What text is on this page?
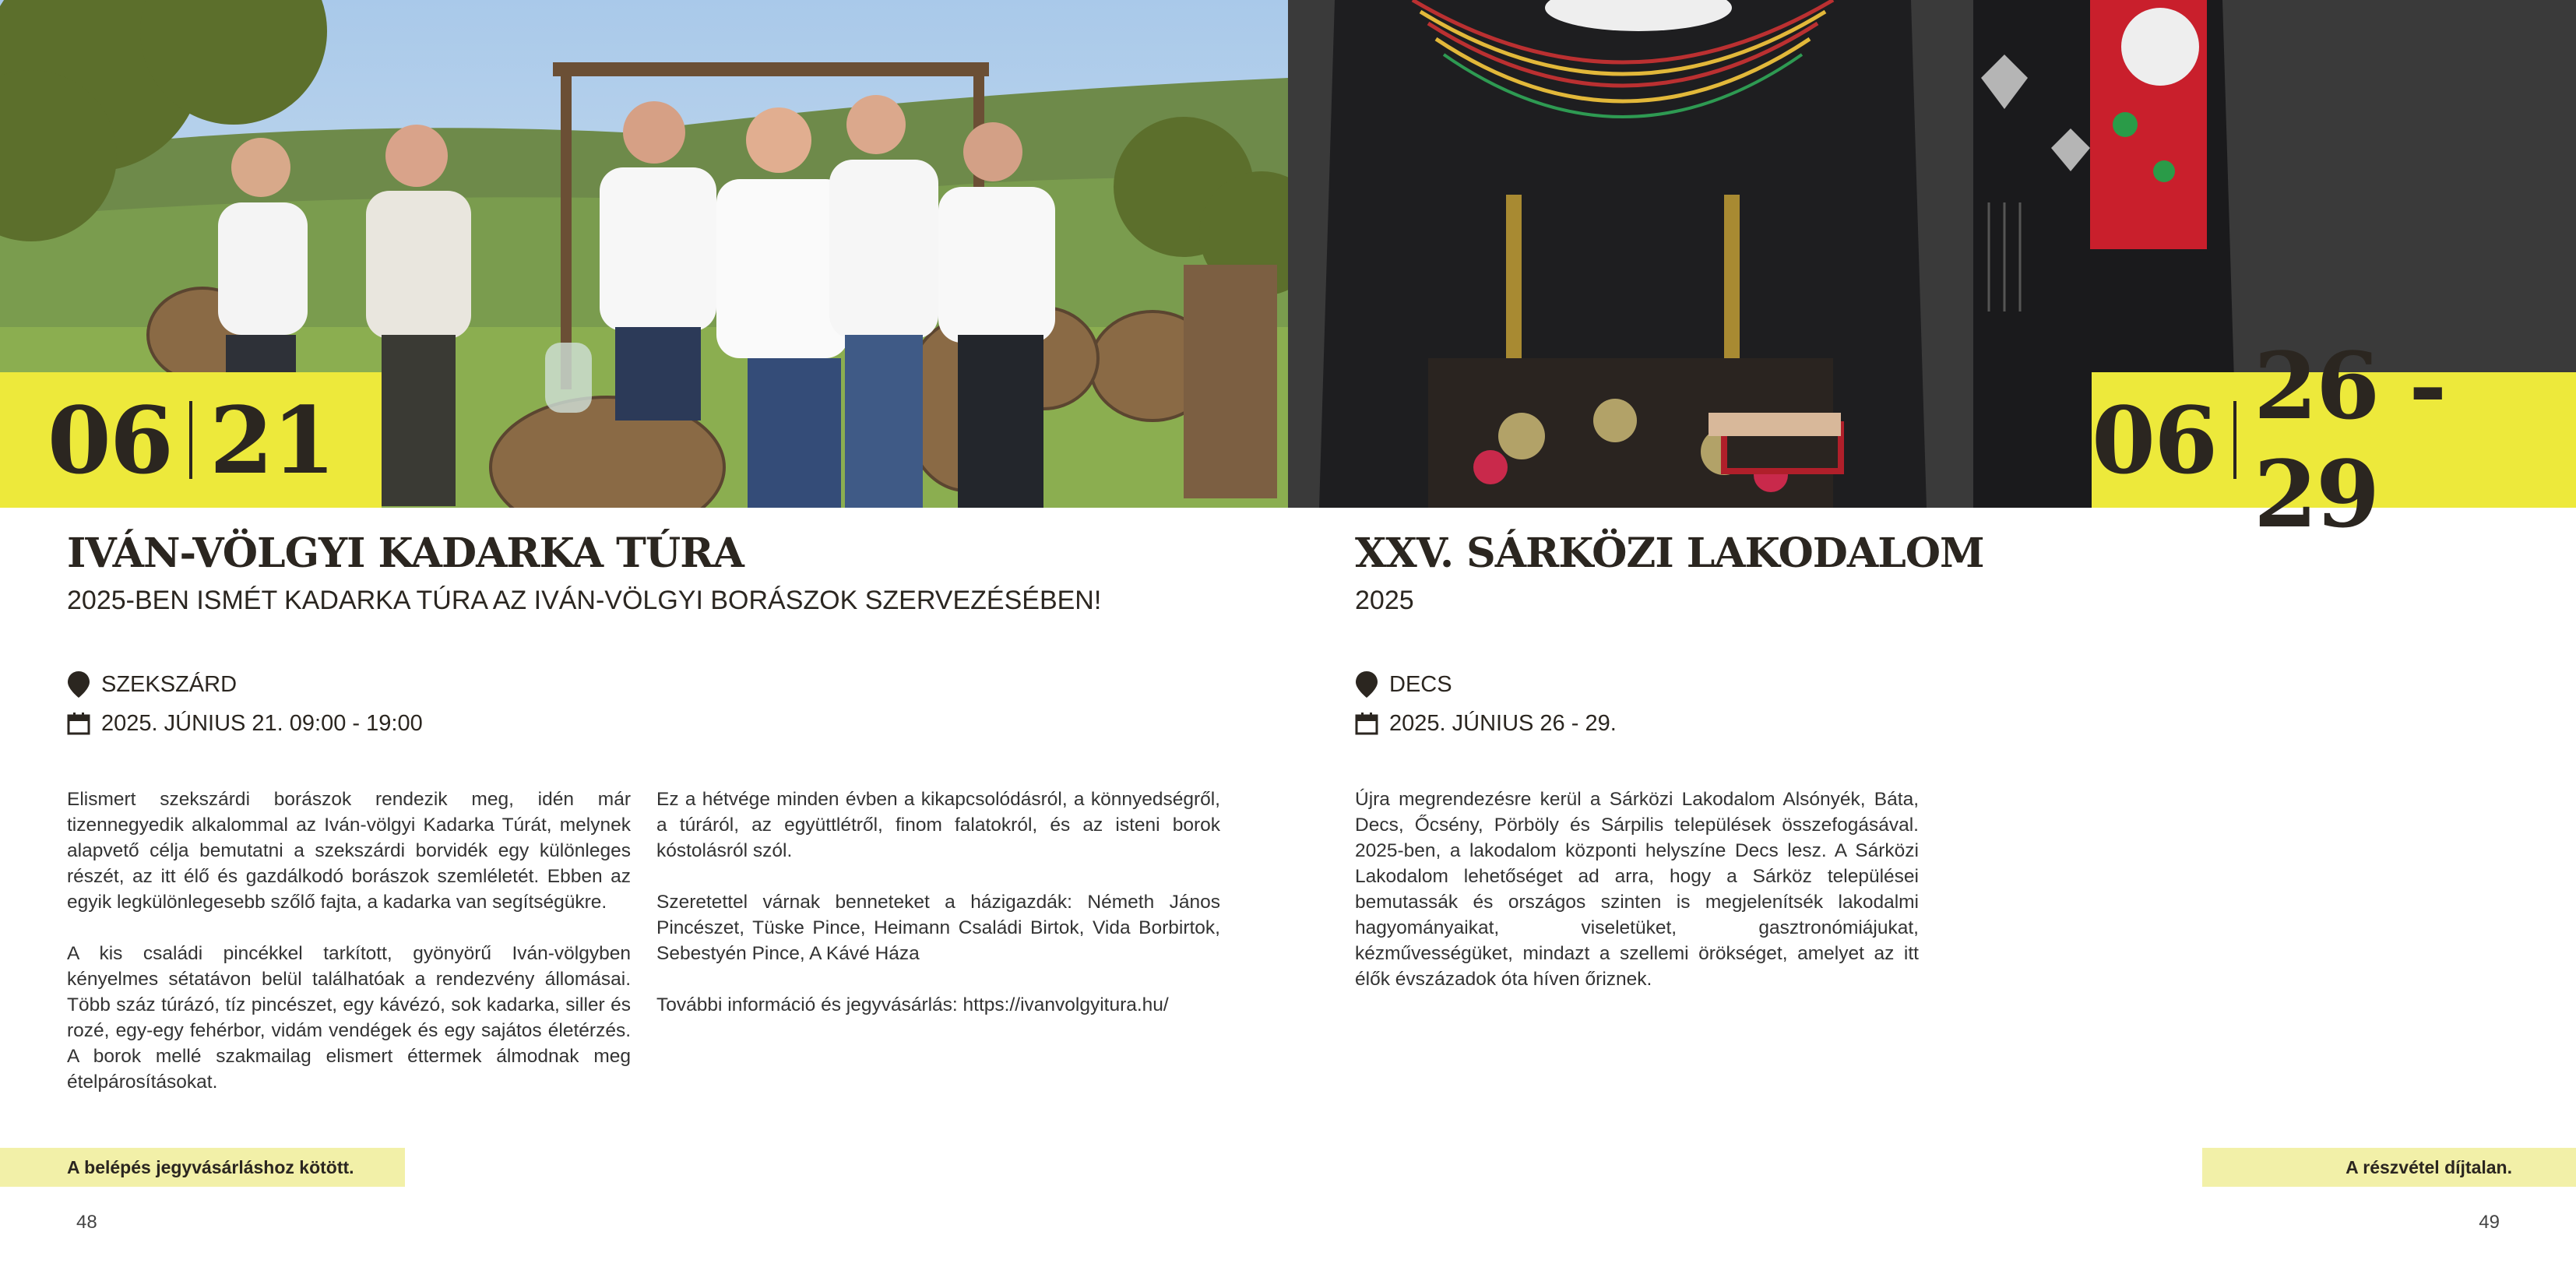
06 21
IVÁN-VÖLGYI KADARKA TÚRA
2025-BEN ISMÉT KADARKA TÚRA AZ IVÁN-VÖLGYI BORÁSZOK SZERVEZÉSÉBEN!
SZEKSZÁRD
2025. JÚNIUS 21. 09:00 - 19:00

Elismert szekszárdi borászok rendezik meg, idén már tizennegyedik alkalommal az Iván-völgyi Kadarka Túrát, melynek alapvető célja bemutatni a szekszárdi borvidék egy különleges részét, az itt élő és gazdálkodó borászok szemléletét. Ebben az egyik legkülönlegesebb szőlő fajta, a kadarka van segítségükre.

A kis családi pincékkel tarkított, gyönyörű Iván-völgyben kényelmes sétatávon belül találhatóak a rendezvény állomásai. Több száz túrázó, tíz pincészet, egy kávézó, sok kadarka, siller és rozé, egy-egy fehérbor, vidám vendégek és egy sajátos életérzés. A borok mellé szakmailag elismert éttermek álmodnak meg ételpárosításokat.

Ez a hétvége minden évben a kikapcsolódásról, a könnyedségről, a túráról, az együttlétről, finom falatokról, és az isteni borok kóstolásról szól.

Szeretettel várnak benneteket a házigazdák: Németh János Pincészet, Tüske Pince, Heimann Családi Birtok, Vida Borbirtok, Sebestyén Pince, A Kávé Háza

További információ és jegyvásárlás: https://ivanvolgyitura.hu/

A belépés jegyvásárláshoz kötött.
48
06 26 - 29
XXV. SÁRKÖZI LAKODALOM
2025
DECS
2025. JÚNIUS 26 - 29.

Újra megrendezésre kerül a Sárközi Lakodalom Alsónyék, Báta, Decs, Őcsény, Pörböly és Sárpilis települések összefogásával. 2025-ben, a lakodalom központi helyszíne Decs lesz. A Sárközi Lakodalom lehetőséget ad arra, hogy a Sárköz települései bemutassák és országos szinten is megjelenítsék lakodalmi hagyományaikat, viseletüket, gasztronómiájukat, kézművességüket, mindazt a szellemi örökséget, amelyet az itt élők évszázadok óta híven őriznek.

A részvétel díjtalan.
49
